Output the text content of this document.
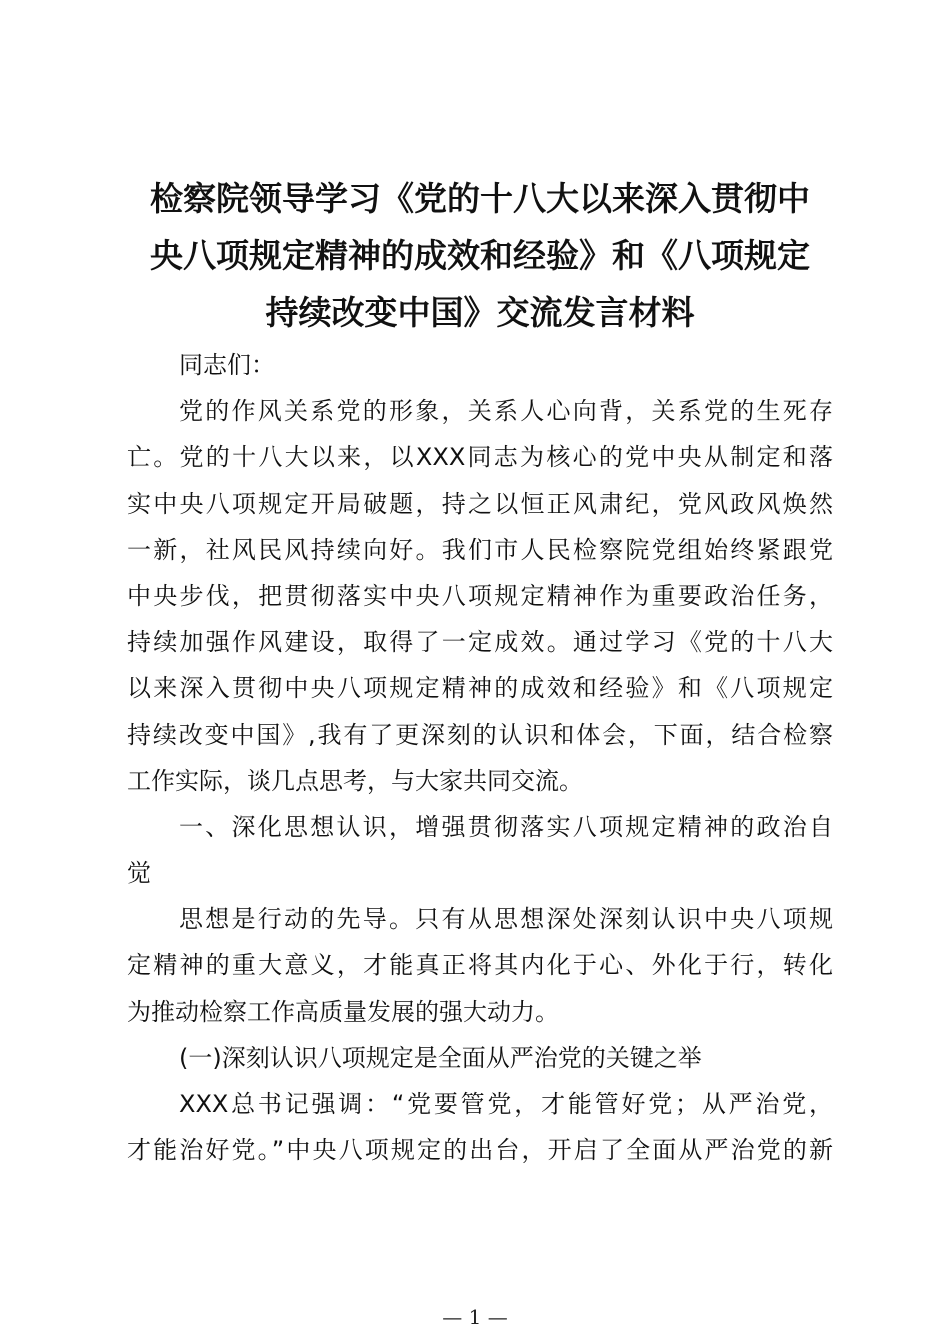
检察院领导学习《党的十八大以来深入贯彻中
央八项规定精神的成效和经验》和《八项规定
持续改变中国》交流发言材料
同志们：
党的作风关系党的形象，关系人心向背，关系党的生死存
亡。党的十八大以来，以XXX同志为核心的党中央从制定和落
实中央八项规定开局破题，持之以恒正风肃纪，党风政风焕然
一新，社风民风持续向好。我们市人民检察院党组始终紧跟党
中央步伐，把贯彻落实中央八项规定精神作为重要政治任务，
持续加强作风建设，取得了一定成效。通过学习《党的十八大
以来深入贯彻中央八项规定精神的成效和经验》和《八项规定
持续改变中国》,我有了更深刻的认识和体会，下面，结合检察
工作实际，谈几点思考，与大家共同交流。
一、深化思想认识，增强贯彻落实八项规定精神的政治自
觉
思想是行动的先导。只有从思想深处深刻认识中央八项规
定精神的重大意义，才能真正将其内化于心、外化于行，转化
为推动检察工作高质量发展的强大动力。
(一)深刻认识八项规定是全面从严治党的关键之举
XXX总书记强调：“党要管党，才能管好党；从严治党，
才能治好党。”中央八项规定的出台，开启了全面从严治党的新
— 1 —
